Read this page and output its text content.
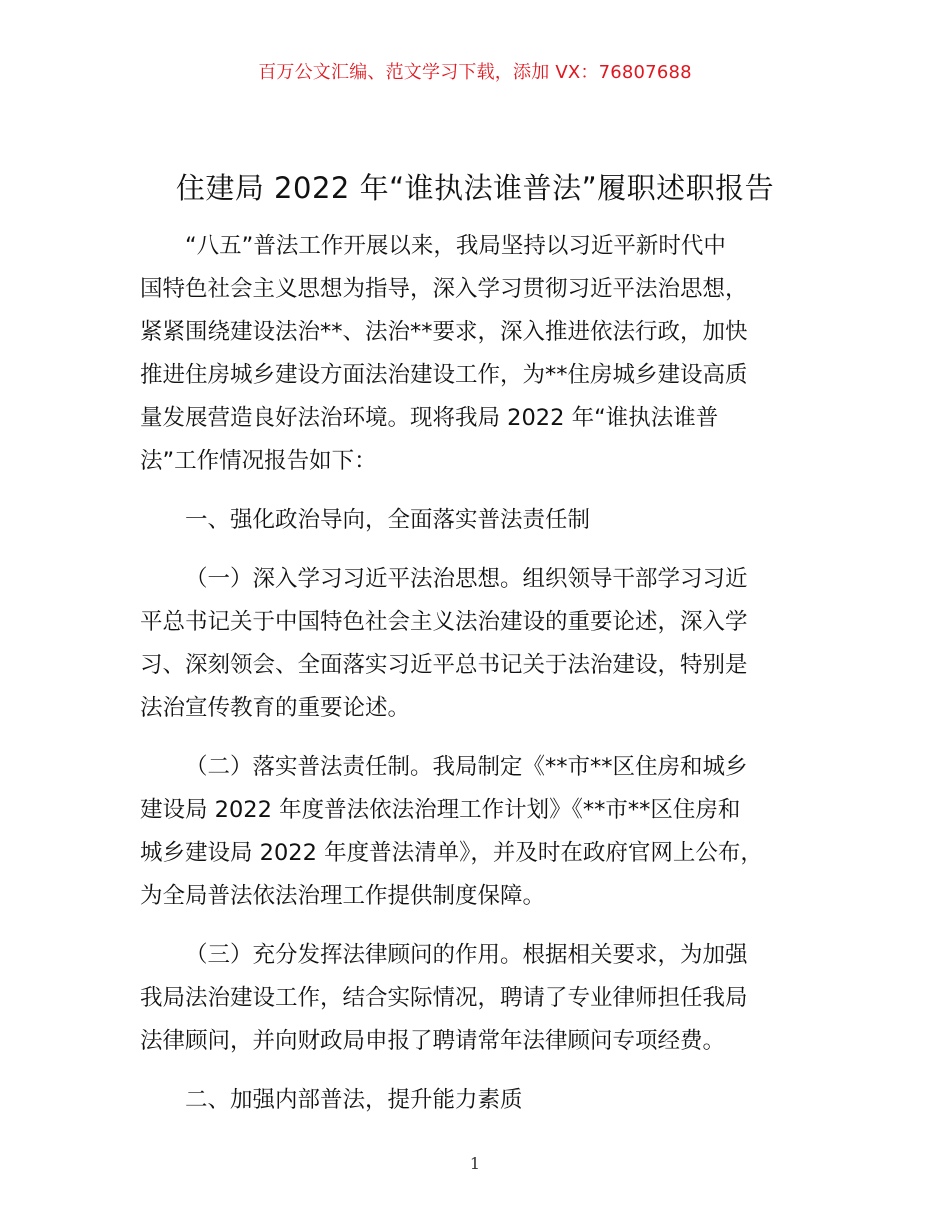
百万公文汇编、范文学习下载，添加 VX：76807688
住建局 2022 年“谁执法谁普法”履职述职报告
“八五”普法工作开展以来，我局坚持以习近平新时代中
国特色社会主义思想为指导，深入学习贯彻习近平法治思想，
紧紧围绕建设法治**、法治**要求，深入推进依法行政，加快
推进住房城乡建设方面法治建设工作，为**住房城乡建设高质
量发展营造良好法治环境。现将我局 2022 年“谁执法谁普
法”工作情况报告如下：
一、强化政治导向，全面落实普法责任制
（一）深入学习习近平法治思想。组织领导干部学习习近
平总书记关于中国特色社会主义法治建设的重要论述，深入学
习、深刻领会、全面落实习近平总书记关于法治建设，特别是
法治宣传教育的重要论述。
（二）落实普法责任制。我局制定《**市**区住房和城乡
建设局 2022 年度普法依法治理工作计划》《**市**区住房和
城乡建设局 2022 年度普法清单》，并及时在政府官网上公布，
为全局普法依法治理工作提供制度保障。
（三）充分发挥法律顾问的作用。根据相关要求，为加强
我局法治建设工作，结合实际情况，聘请了专业律师担任我局
法律顾问，并向财政局申报了聘请常年法律顾问专项经费。
二、加强内部普法，提升能力素质
1
